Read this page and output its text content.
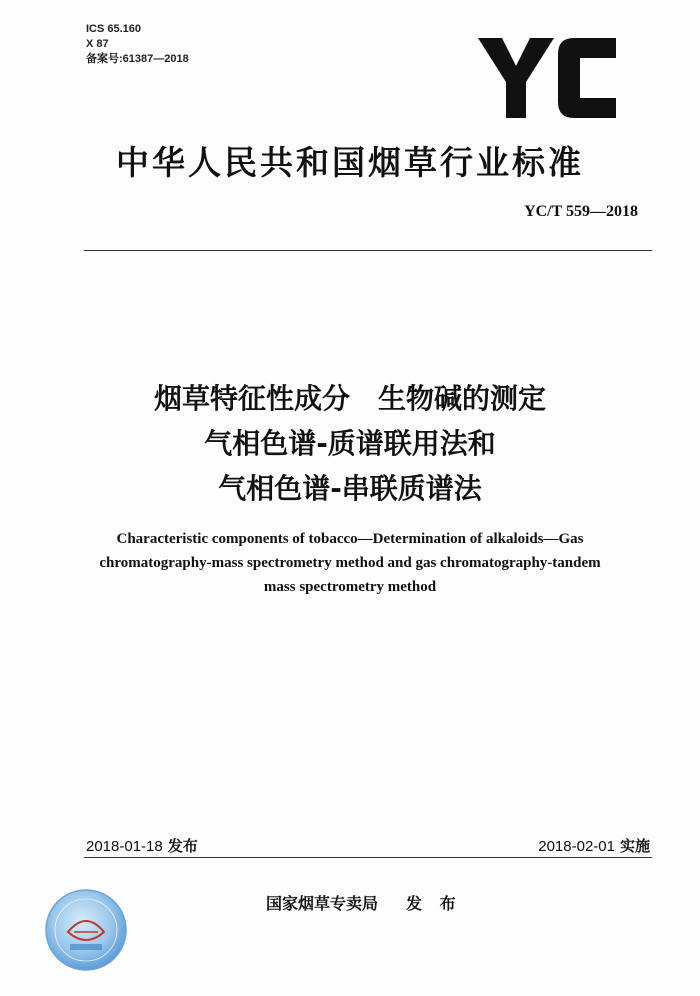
ICS 65.160
X 87
备案号:61387—2018
中华人民共和国烟草行业标准
YC/T 559—2018
烟草特征性成分　生物碱的测定
气相色谱-质谱联用法和
气相色谱-串联质谱法
Characteristic components of tobacco—Determination of alkaloids—Gas
chromatography-mass spectrometry method and gas chromatography-tandem
mass spectrometry method
2018-01-18 发布	2018-02-01 实施
国家烟草专卖局 发 布
